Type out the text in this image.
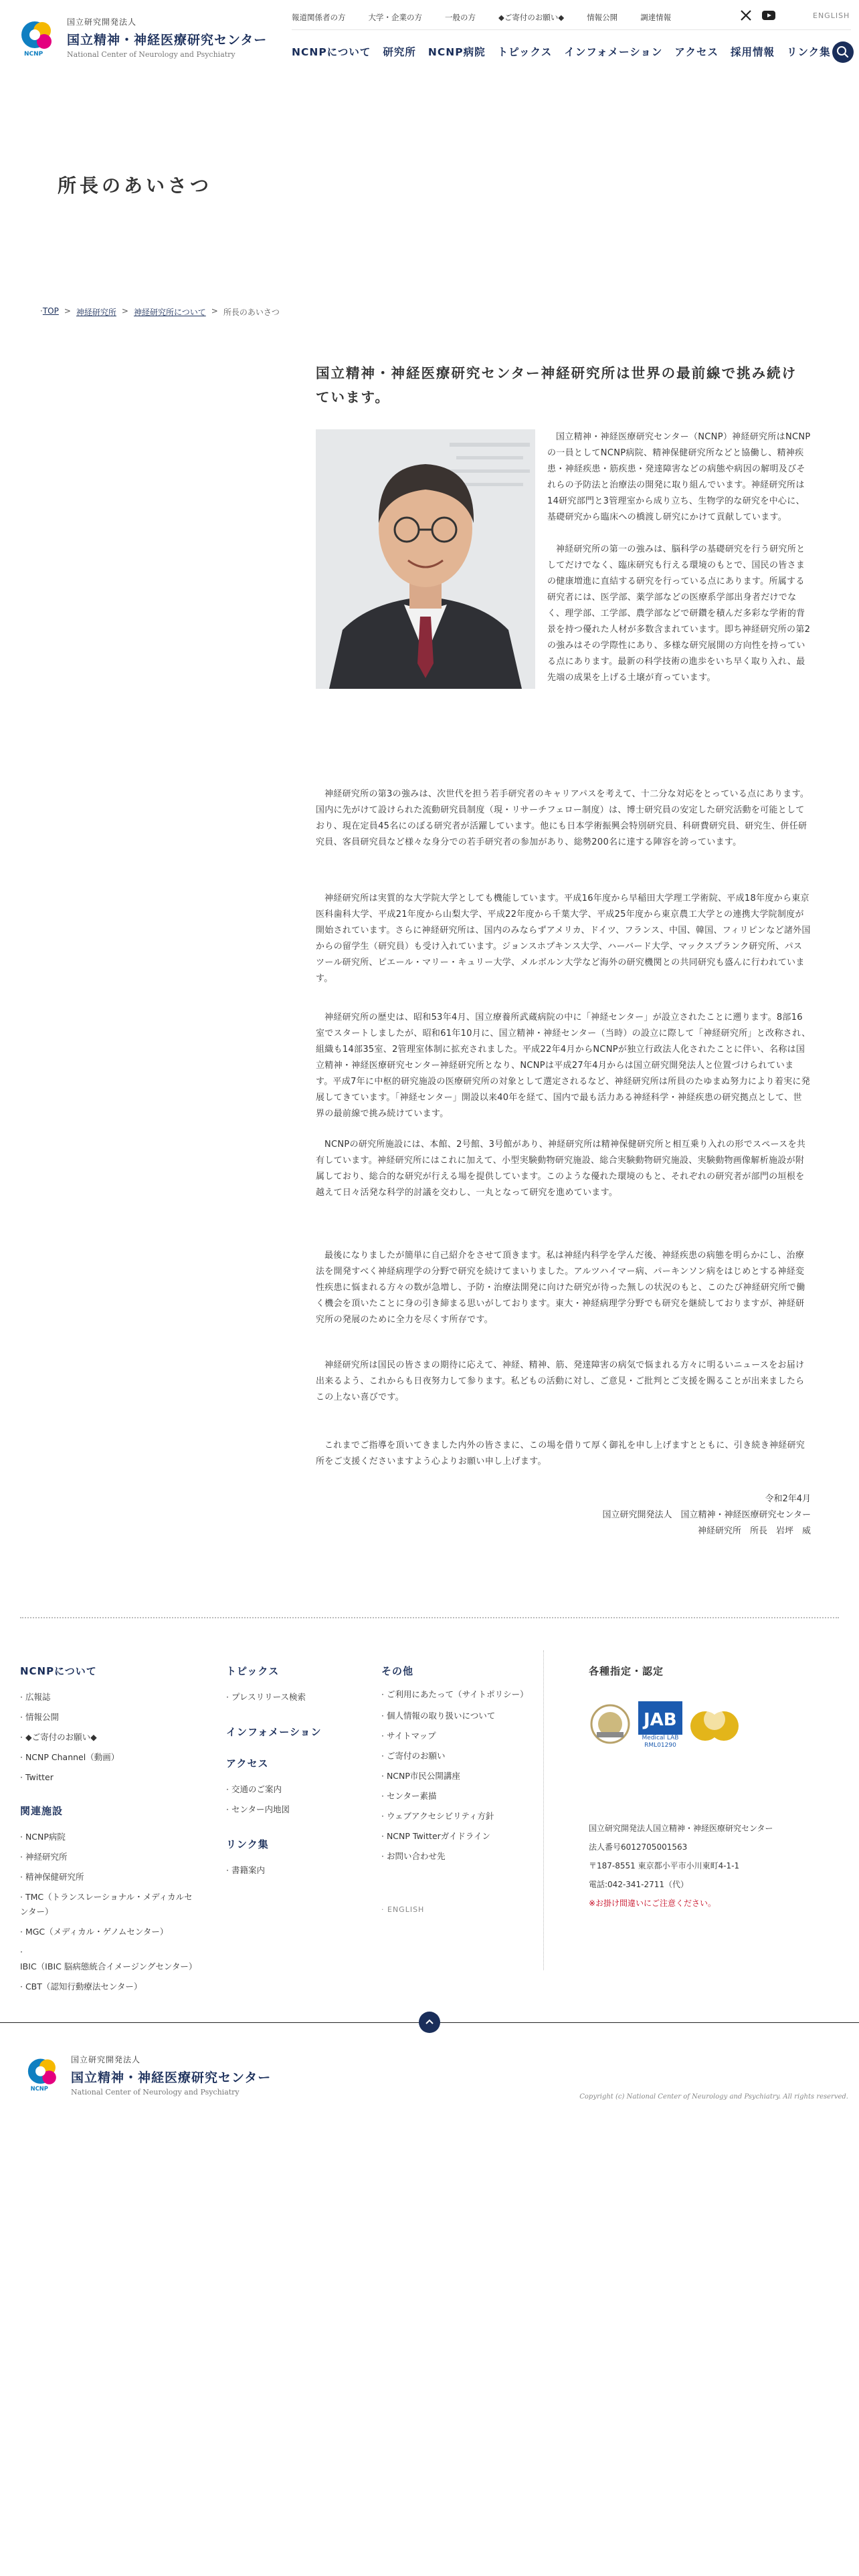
NCNP
国立研究開発法人
国立精神・神経医療研究センター
National Center of Neurology and Psychiatry
報道関係者の方	大学・企業の方	一般の方	◆ご寄付のお願い◆	情報公開	調達情報	ENGLISH
NCNPについて 研究所 NCNP病院 トピックス インフォメーション アクセス 採用情報 リンク集
所長のあいさつ
· TOP > 神経研究所 > 神経研究所について > 所長のあいさつ
国立精神・神経医療研究センター神経研究所は世界の最前線で挑み続けています。

国立精神・神経医療研究センター（NCNP）神経研究所はNCNPの一員としてNCNP病院、精神保健研究所などと協働し、精神疾患・神経疾患・筋疾患・発達障害などの病態や病因の解明及びそれらの予防法と治療法の開発に取り組んでいます。神経研究所は14研究部門と3管理室から成り立ち、生物学的な研究を中心に、基礎研究から臨床への橋渡し研究にかけて貢献しています。

神経研究所の第一の強みは、脳科学の基礎研究を行う研究所としてだけでなく、臨床研究も行える環境のもとで、国民の皆さまの健康増進に直結する研究を行っている点にあります。所属する研究者には、医学部、薬学部などの医療系学部出身者だけでなく、理学部、工学部、農学部などで研鑽を積んだ多彩な学術的背景を持つ優れた人材が多数含まれています。即ち神経研究所の第2の強みはその学際性にあり、多様な研究展開の方向性を持っている点にあります。最新の科学技術の進歩をいち早く取り入れ、最先端の成果を上げる土壌が育っています。

神経研究所の第3の強みは、次世代を担う若手研究者のキャリアパスを考えて、十二分な対応をとっている点にあります。国内に先がけて設けられた流動研究員制度（現・リサーチフェロー制度）は、博士研究員の安定した研究活動を可能としており、現在定員45名にのぼる研究者が活躍しています。他にも日本学術振興会特別研究員、科研費研究員、研究生、併任研究員、客員研究員など様々な身分での若手研究者の参加があり、総勢200名に達する陣容を誇っています。

神経研究所は実質的な大学院大学としても機能しています。平成16年度から早稲田大学理工学術院、平成18年度から東京医科歯科大学、平成21年度から山梨大学、平成22年度から千葉大学、平成25年度から東京農工大学との連携大学院制度が開始されています。さらに神経研究所は、国内のみならずアメリカ、ドイツ、フランス、中国、韓国、フィリピンなど諸外国からの留学生（研究員）も受け入れています。ジョンスホプキンス大学、ハーバード大学、マックスプランク研究所、パスツール研究所、ピエール・マリー・キュリー大学、メルボルン大学など海外の研究機関との共同研究も盛んに行われています。

神経研究所の歴史は、昭和53年4月、国立療養所武蔵病院の中に「神経センター」が設立されたことに遡ります。8部16室でスタートしましたが、昭和61年10月に、国立精神・神経センター（当時）の設立に際して「神経研究所」と改称され、組織も14部35室、2管理室体制に拡充されました。平成22年4月からNCNPが独立行政法人化されたことに伴い、名称は国立精神・神経医療研究センター神経研究所となり、NCNPは平成27年4月からは国立研究開発法人と位置づけられています。平成7年に中枢的研究施設の医療研究所の対象として選定されるなど、神経研究所は所員のたゆまぬ努力により着実に発展してきています。「神経センター」開設以来40年を経て、国内で最も活力ある神経科学・神経疾患の研究拠点として、世界の最前線で挑み続けています。

NCNPの研究所施設には、本館、2号館、3号館があり、神経研究所は精神保健研究所と相互乗り入れの形でスペースを共有しています。神経研究所にはこれに加えて、小型実験動物研究施設、総合実験動物研究施設、実験動物画像解析施設が附属しており、総合的な研究が行える場を提供しています。このような優れた環境のもと、それぞれの研究者が部門の垣根を越えて日々活発な科学的討議を交わし、一丸となって研究を進めています。

最後になりましたが簡単に自己紹介をさせて頂きます。私は神経内科学を学んだ後、神経疾患の病態を明らかにし、治療法を開発すべく神経病理学の分野で研究を続けてまいりました。アルツハイマー病、パーキンソン病をはじめとする神経変性疾患に悩まれる方々の数が急増し、予防・治療法開発に向けた研究が待った無しの状況のもと、このたび神経研究所で働く機会を頂いたことに身の引き締まる思いがしております。東大・神経病理学分野でも研究を継続しておりますが、神経研究所の発展のために全力を尽くす所存です。

神経研究所は国民の皆さまの期待に応えて、神経、精神、筋、発達障害の病気で悩まれる方々に明るいニュースをお届け出来るよう、これからも日夜努力して参ります。私どもの活動に対し、ご意見・ご批判とご支援を賜ることが出来ましたらこの上ない喜びです。

これまでご指導を頂いてきました内外の皆さまに、この場を借りて厚く御礼を申し上げますとともに、引き続き神経研究所をご支援くださいますよう心よりお願い申し上げます。

令和2年4月
国立研究開発法人　国立精神・神経医療研究センター
神経研究所　所長　岩坪　威
NCNPについて
· 広報誌
· 情報公開
· ◆ご寄付のお願い◆
· NCNP Channel（動画）
· Twitter
関連施設
· NCNP病院
· 神経研究所
· 精神保健研究所
· TMC（トランスレーショナル・メディカルセンター）
· MGC（メディカル・ゲノムセンター）
· IBIC（IBIC 脳病態統合イメージングセンター）
· CBT（認知行動療法センター）
トピックス
· プレスリリース検索
インフォメーション
アクセス
· 交通のご案内
· センター内地図
リンク集
· 書籍案内
その他
· ご利用にあたって（サイトポリシー）
· 個人情報の取り扱いについて
· サイトマップ
· ご寄付のお願い
· NCNP市民公開講座
· センター素描
· ウェブアクセシビリティ方針
· NCNP Twitterガイドライン
· お問い合わせ先
· ENGLISH
各種指定・認定
JAB
Medical LAB
RML01290
国立研究開発法人国立精神・神経医療研究センター
法人番号6012705001563
〒187-8551 東京都小平市小川東町4-1-1
電話:042-341-2711（代）
※お掛け間違いにご注意ください。
NCNP
国立研究開発法人
国立精神・神経医療研究センター
National Center of Neurology and Psychiatry
Copyright (c) National Center of Neurology and Psychiatry. All rights reserved.
